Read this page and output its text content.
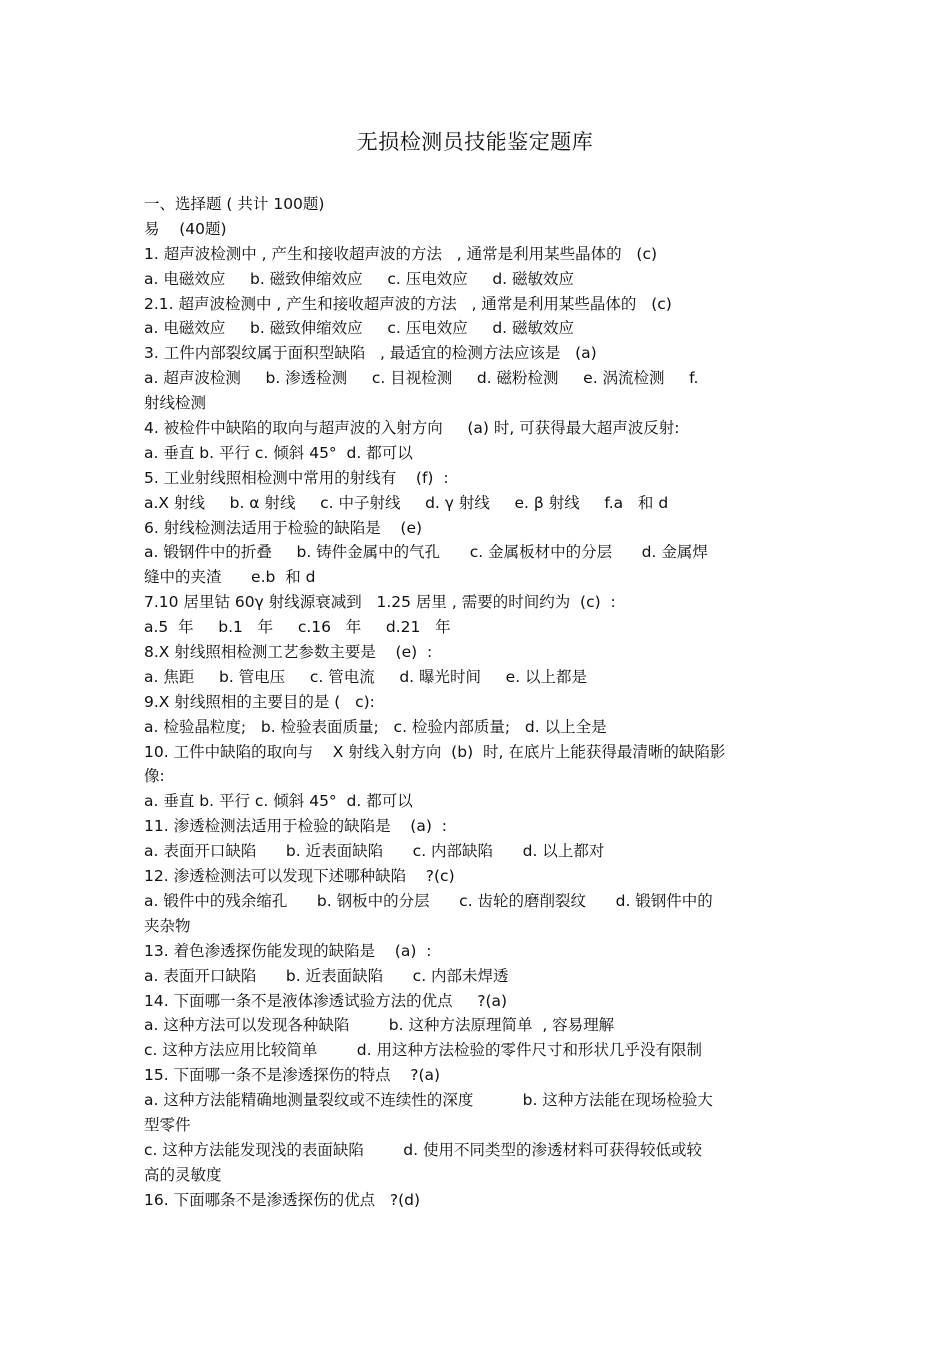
无损检测员技能鉴定题库
一、选择题 ( 共计 100题)
易    (40题)
1. 超声波检测中 , 产生和接收超声波的方法   , 通常是利用某些晶体的   (c)
a. 电磁效应     b. 磁致伸缩效应     c. 压电效应     d. 磁敏效应
2.1. 超声波检测中 , 产生和接收超声波的方法   , 通常是利用某些晶体的   (c)
a. 电磁效应     b. 磁致伸缩效应     c. 压电效应     d. 磁敏效应
3. 工件内部裂纹属于面积型缺陷   , 最适宜的检测方法应该是   (a)
a. 超声波检测     b. 渗透检测     c. 目视检测     d. 磁粉检测     e. 涡流检测     f.
射线检测
4. 被检件中缺陷的取向与超声波的入射方向     (a) 时, 可获得最大超声波反射:
a. 垂直 b. 平行 c. 倾斜 45°  d. 都可以
5. 工业射线照相检测中常用的射线有    (f)  :
a.X 射线     b. α 射线     c. 中子射线     d. γ 射线     e. β 射线     f.a   和 d
6. 射线检测法适用于检验的缺陷是    (e)
a. 锻钢件中的折叠     b. 铸件金属中的气孔      c. 金属板材中的分层      d. 金属焊
缝中的夹渣      e.b  和 d
7.10 居里钴 60γ 射线源衰减到   1.25 居里 , 需要的时间约为  (c)  :
a.5  年     b.1   年     c.16   年     d.21   年
8.X 射线照相检测工艺参数主要是    (e)  :
a. 焦距     b. 管电压     c. 管电流     d. 曝光时间     e. 以上都是
9.X 射线照相的主要目的是 (   c):
a. 检验晶粒度;   b. 检验表面质量;   c. 检验内部质量;   d. 以上全是
10. 工件中缺陷的取向与    X 射线入射方向  (b)  时, 在底片上能获得最清晰的缺陷影
像:
a. 垂直 b. 平行 c. 倾斜 45°  d. 都可以
11. 渗透检测法适用于检验的缺陷是    (a)  :
a. 表面开口缺陷      b. 近表面缺陷      c. 内部缺陷      d. 以上都对
12. 渗透检测法可以发现下述哪种缺陷    ?(c)
a. 锻件中的残余缩孔      b. 钢板中的分层      c. 齿轮的磨削裂纹      d. 锻钢件中的
夹杂物
13. 着色渗透探伤能发现的缺陷是    (a)  :
a. 表面开口缺陷      b. 近表面缺陷      c. 内部未焊透
14. 下面哪一条不是液体渗透试验方法的优点     ?(a)
a. 这种方法可以发现各种缺陷        b. 这种方法原理简单  , 容易理解
c. 这种方法应用比较简单        d. 用这种方法检验的零件尺寸和形状几乎没有限制
15. 下面哪一条不是渗透探伤的特点    ?(a)
a. 这种方法能精确地测量裂纹或不连续性的深度          b. 这种方法能在现场检验大
型零件
c. 这种方法能发现浅的表面缺陷        d. 使用不同类型的渗透材料可获得较低或较
高的灵敏度
16. 下面哪条不是渗透探伤的优点   ?(d)
